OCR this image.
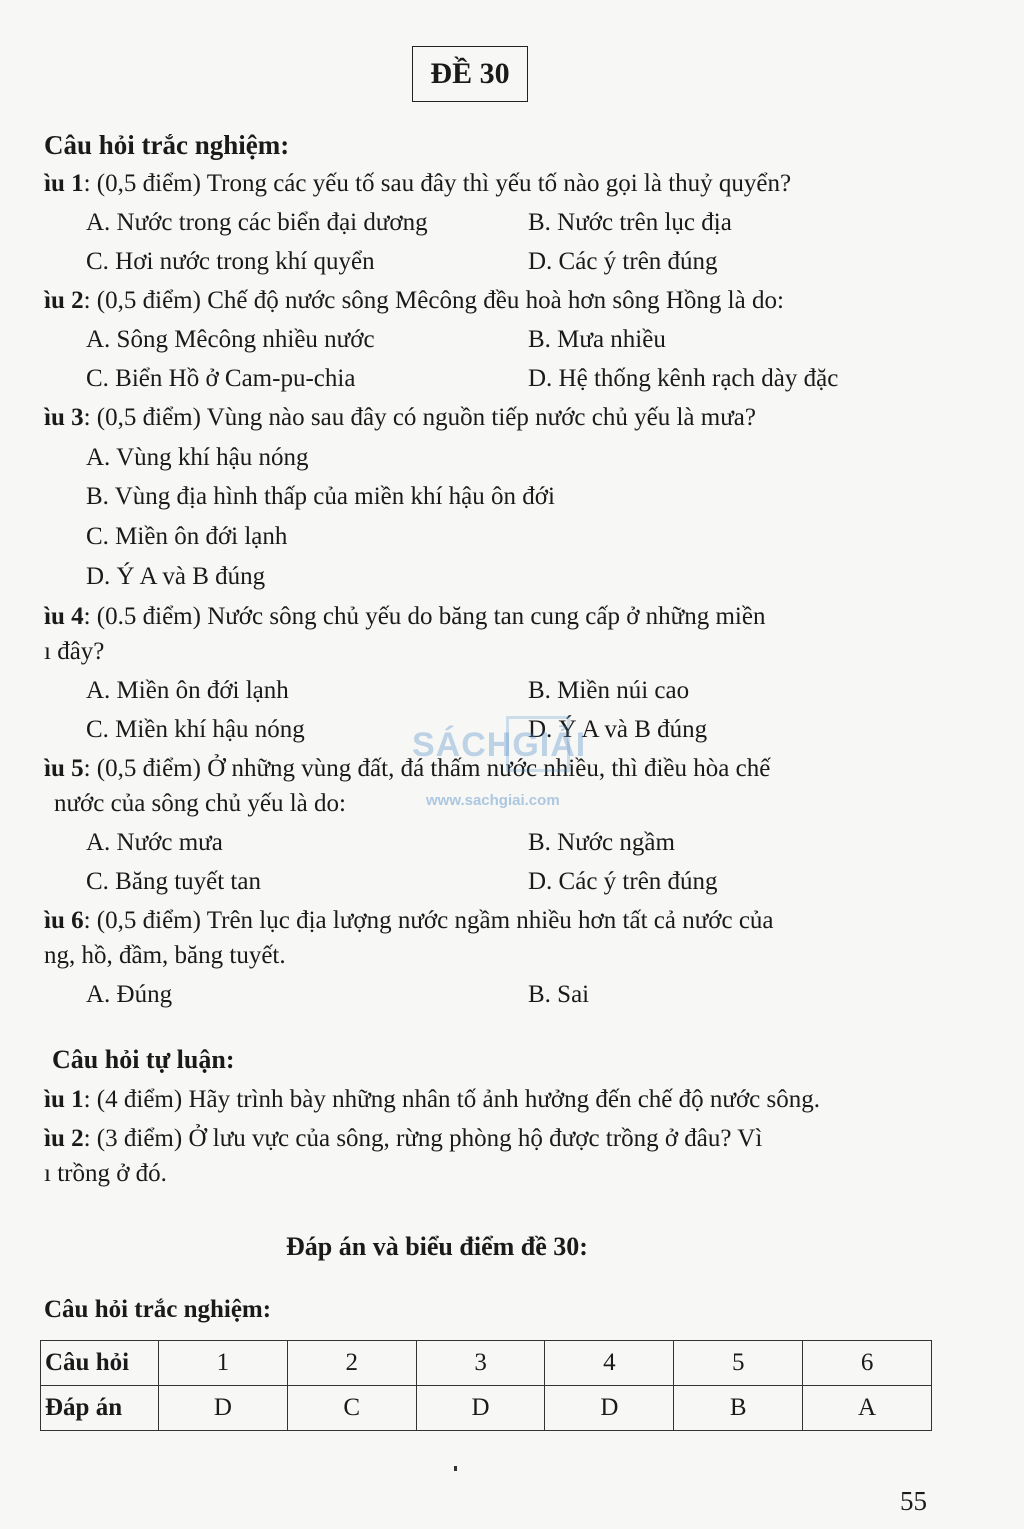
ĐỀ 30
Câu hỏi trắc nghiệm:
ìu 1: (0,5 điểm) Trong các yếu tố sau đây thì yếu tố nào gọi là thuỷ quyển?
A. Nước trong các biển đại dương	B. Nước trên lục địa
C. Hơi nước trong khí quyển	D. Các ý trên đúng
ìu 2: (0,5 điểm) Chế độ nước sông Mêcông đều hoà hơn sông Hồng là do:
A. Sông Mêcông nhiều nước	B. Mưa nhiều
C. Biển Hồ ở Cam-pu-chia	D. Hệ thống kênh rạch dày đặc
ìu 3: (0,5 điểm) Vùng nào sau đây có nguồn tiếp nước chủ yếu là mưa?
A. Vùng khí hậu nóng
B. Vùng địa hình thấp của miền khí hậu ôn đới
C. Miền ôn đới lạnh
D. Ý A và B đúng
ìu 4: (0.5 điểm) Nước sông chủ yếu do băng tan cung cấp ở những miền
ı đây?
A. Miền ôn đới lạnh	B. Miền núi cao
C. Miền khí hậu nóng	D. Ý A và B đúng
ìu 5: (0,5 điểm) Ở những vùng đất, đá thấm nước nhiều, thì điều hòa chế
nước của sông chủ yếu là do:
A. Nước mưa	B. Nước ngầm
C. Băng tuyết tan	D. Các ý trên đúng
ìu 6: (0,5 điểm) Trên lục địa lượng nước ngầm nhiều hơn tất cả nước của
ng, hồ, đầm, băng tuyết.
A. Đúng	B. Sai
Câu hỏi tự luận:
ìu 1: (4 điểm) Hãy trình bày những nhân tố ảnh hưởng đến chế độ nước sông.
ìu 2: (3 điểm) Ở lưu vực của sông, rừng phòng hộ được trồng ở đâu? Vì
ı trồng ở đó.
Đáp án và biểu điểm đề 30:
Câu hỏi trắc nghiệm:
Câu hỏi	1	2	3	4	5	6
Đáp án	D	C	D	D	B	A
55
SÁCHGIẢI
www.sachgiai.com
